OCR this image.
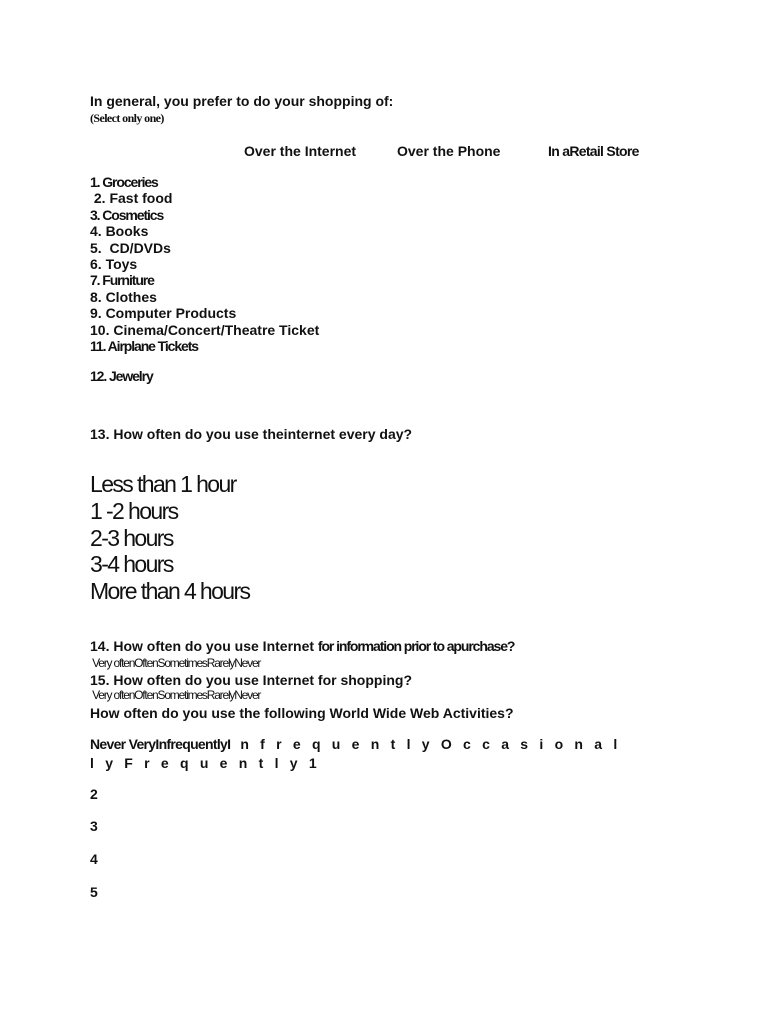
In general, you prefer to do your shopping of:
(Select only one)
Over the Internet	Over the Phone	In aRetail Store
1. Groceries
2. Fast food
3. Cosmetics
4. Books
5.  CD/DVDs
6. Toys
7. Furniture
8. Clothes
9. Computer Products
10. Cinema/Concert/Theatre Ticket
11. Airplane Tickets
12. Jewelry
13. How often do you use theinternet every day?
Less than 1 hour
1 -2 hours
2-3 hours
3-4 hours
More than 4 hours
14. How often do you use Internet for information prior to apurchase?
Very oftenOftenSometimesRarelyNever
15. How often do you use Internet for shopping?
Very oftenOftenSometimesRarelyNever
How often do you use the following World Wide Web Activities?
Never VeryInfrequentlyI nfrequentlyOccasional
lyFrequently1
2
3
4
5
